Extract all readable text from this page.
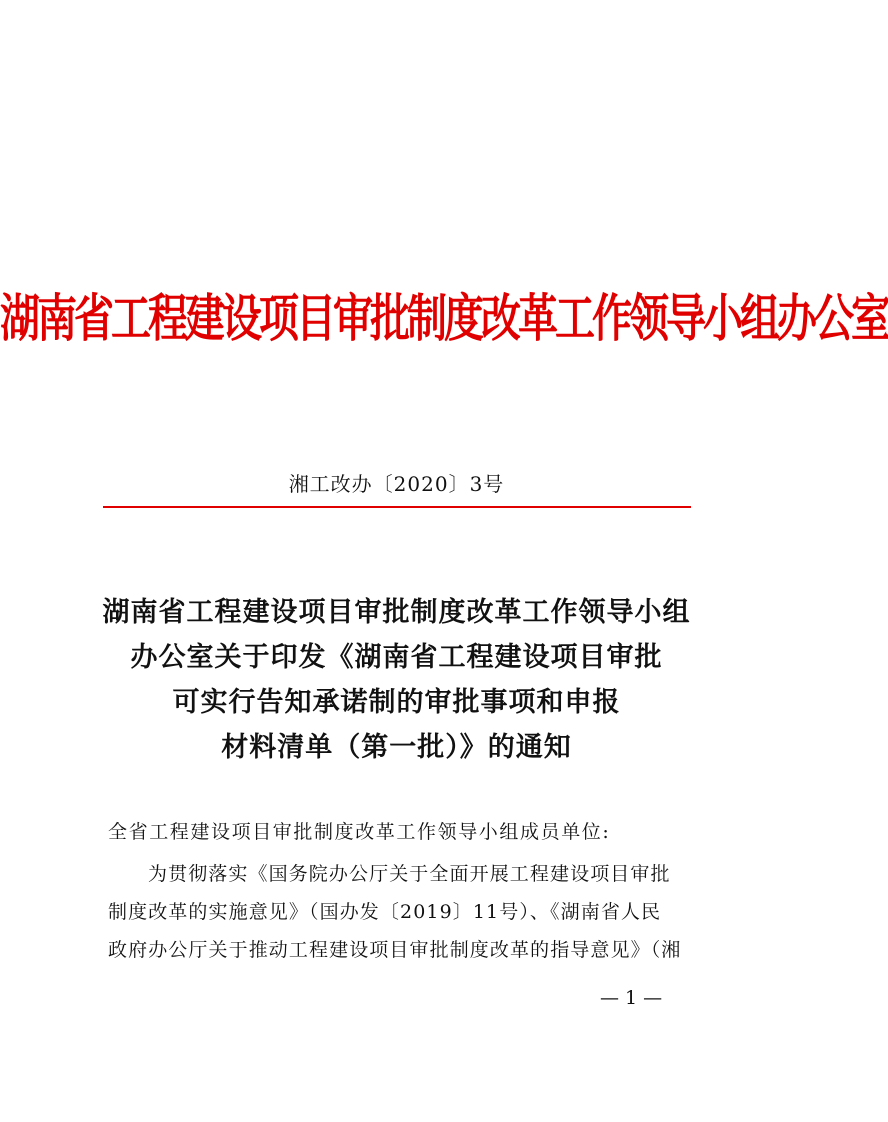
湖南省工程建设项目审批制度改革工作领导小组办公室
湘工改办〔2020〕3号
湖南省工程建设项目审批制度改革工作领导小组
办公室关于印发《湖南省工程建设项目审批
可实行告知承诺制的审批事项和申报
材料清单（第一批）》的通知
全省工程建设项目审批制度改革工作领导小组成员单位:
为贯彻落实《国务院办公厅关于全面开展工程建设项目审批
制度改革的实施意见》（国办发〔2019〕11号）、《湖南省人民
政府办公厅关于推动工程建设项目审批制度改革的指导意见》（湘
— 1 —
